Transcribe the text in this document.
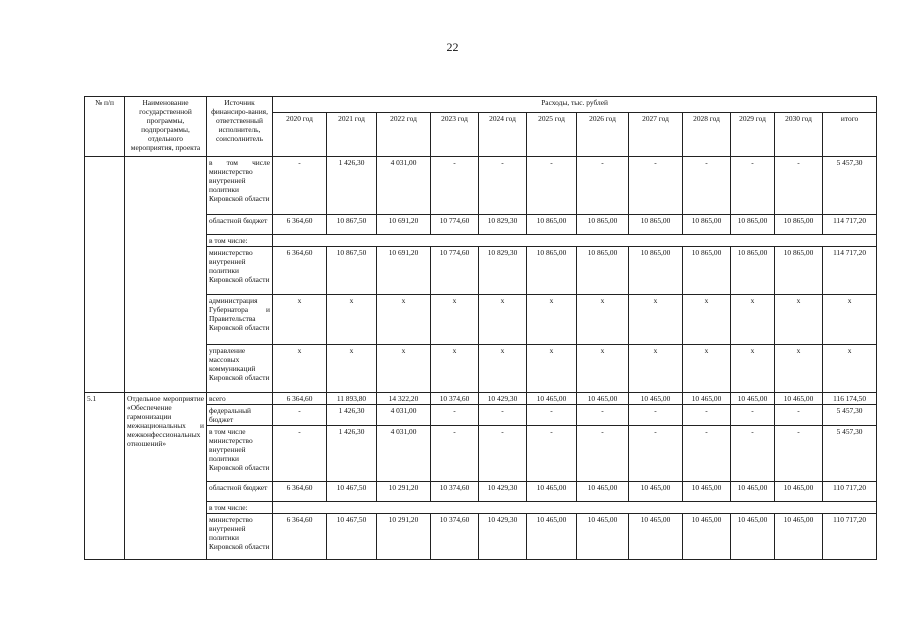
22
№ п/п	Наименование государственной программы, подпрограммы, отдельного мероприятия, проекта	Источник финансиро-вания, ответственный исполнитель, соисполнитель	Расходы, тыс. рублей											
			2020 год	2021 год	2022 год	2023 год	2024 год	2025 год	2026 год	2027 год	2028 год	2029 год	2030 год	итого
		в том числе министерство внутренней политики Кировской области	-	1 426,30	4 031,00	-	-	-	-	-	-	-	-	5 457,30
		областной бюджет	6 364,60	10 867,50	10 691,20	10 774,60	10 829,30	10 865,00	10 865,00	10 865,00	10 865,00	10 865,00	10 865,00	114 717,20
		в том числе:												
		министерство внутренней политики Кировской области	6 364,60	10 867,50	10 691,20	10 774,60	10 829,30	10 865,00	10 865,00	10 865,00	10 865,00	10 865,00	10 865,00	114 717,20
		администрация Губернатора и Правительства Кировской области	x	x	x	x	x	x	x	x	x	x	x	x
		управление массовых коммуникаций Кировской области	x	x	x	x	x	x	x	x	x	x	x	x
5.1	Отдельное мероприятие «Обеспечение гармонизации межнациональных и межконфессиональных отношений»	всего	6 364,60	11 893,80	14 322,20	10 374,60	10 429,30	10 465,00	10 465,00	10 465,00	10 465,00	10 465,00	10 465,00	116 174,50
		федеральный бюджет	-	1 426,30	4 031,00	-	-	-	-	-	-	-	-	5 457,30
		в том числе министерство внутренней политики Кировской области	-	1 426,30	4 031,00	-	-	-	-	-	-	-	-	5 457,30
		областной бюджет	6 364,60	10 467,50	10 291,20	10 374,60	10 429,30	10 465,00	10 465,00	10 465,00	10 465,00	10 465,00	10 465,00	110 717,20
		в том числе:												
		министерство внутренней политики Кировской области	6 364,60	10 467,50	10 291,20	10 374,60	10 429,30	10 465,00	10 465,00	10 465,00	10 465,00	10 465,00	10 465,00	110 717,20
